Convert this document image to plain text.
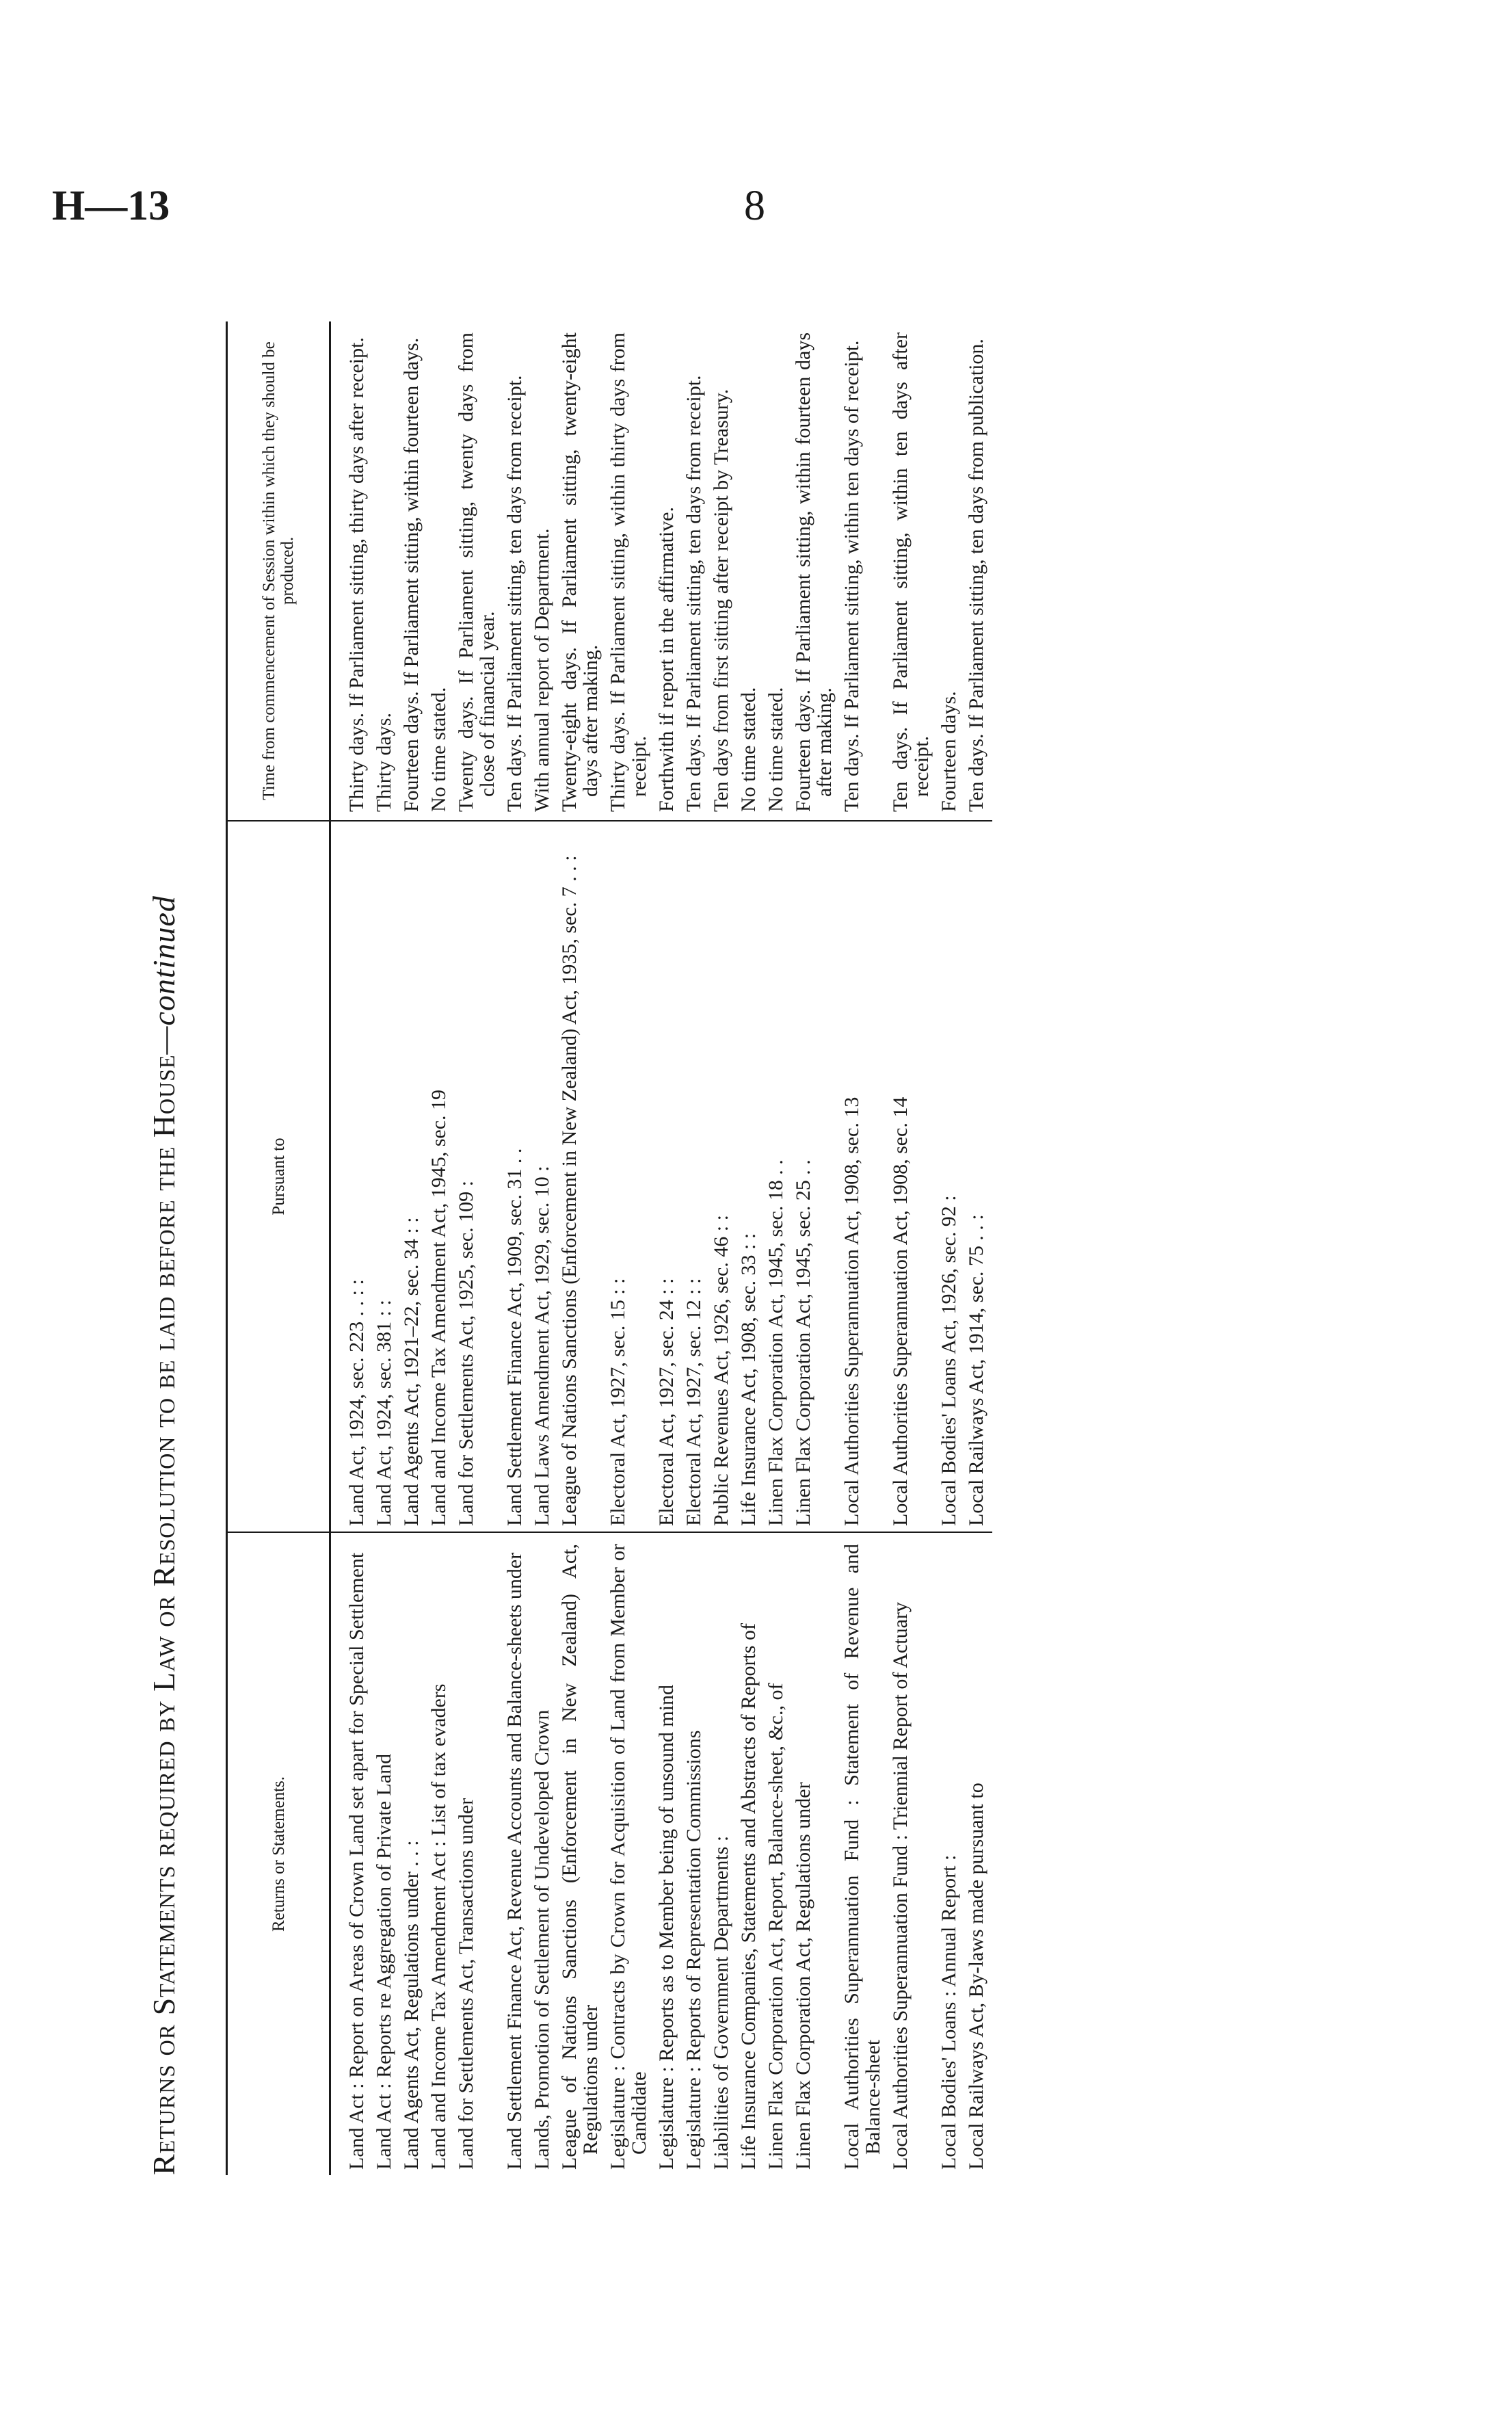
H—13	8
Returns or Statements required by Law or Resolution to be laid before the House—continued
Returns or Statements.	Pursuant to	Time from commencement of Session within which they should be produced.
Land Act : Report on Areas of Crown Land set apart for Special Settlement	Land Act, 1924, sec. 223 . . : :	Thirty days. If Parliament sitting, thirty days after receipt.
Land Act : Reports re Aggregation of Private Land	Land Act, 1924, sec. 381 : :	Thirty days.
Land Agents Act, Regulations under . . :	Land Agents Act, 1921–22, sec. 34 : :	Fourteen days. If Parliament sitting, within fourteen days.
Land and Income Tax Amendment Act : List of tax evaders	Land and Income Tax Amendment Act, 1945, sec. 19	No time stated.
Land for Settlements Act, Transactions under	Land for Settlements Act, 1925, sec. 109 :	Twenty days. If Parliament sitting, twenty days from close of financial year.
Land Settlement Finance Act, Revenue Accounts and Balance-sheets under	Land Settlement Finance Act, 1909, sec. 31 . .	Ten days. If Parliament sitting, ten days from receipt.
Lands, Promotion of Settlement of Undeveloped Crown	Land Laws Amendment Act, 1929, sec. 10 :	With annual report of Department.
League of Nations Sanctions (Enforcement in New Zealand) Act, Regulations under	League of Nations Sanctions (Enforcement in New Zealand) Act, 1935, sec. 7 . . :	Twenty-eight days. If Parliament sitting, twenty-eight days after making.
Legislature : Contracts by Crown for Acquisition of Land from Member or Candidate	Electoral Act, 1927, sec. 15 : :	Thirty days. If Parliament sitting, within thirty days from receipt.
Legislature : Reports as to Member being of unsound mind	Electoral Act, 1927, sec. 24 : :	Forthwith if report in the affirmative.
Legislature : Reports of Representation Commissions	Electoral Act, 1927, sec. 12 : :	Ten days. If Parliament sitting, ten days from receipt.
Liabilities of Government Departments :	Public Revenues Act, 1926, sec. 46 : :	Ten days from first sitting after receipt by Treasury.
Life Insurance Companies, Statements and Abstracts of Reports of	Life Insurance Act, 1908, sec. 33 : :	No time stated.
Linen Flax Corporation Act, Report, Balance-sheet, &c., of	Linen Flax Corporation Act, 1945, sec. 18 . .	No time stated.
Linen Flax Corporation Act, Regulations under	Linen Flax Corporation Act, 1945, sec. 25 . .	Fourteen days. If Parliament sitting, within fourteen days after making.
Local Authorities Superannuation Fund : Statement of Revenue and Balance-sheet	Local Authorities Superannuation Act, 1908, sec. 13	Ten days. If Parliament sitting, within ten days of receipt.
Local Authorities Superannuation Fund : Triennial Report of Actuary	Local Authorities Superannuation Act, 1908, sec. 14	Ten days. If Parliament sitting, within ten days after receipt.
Local Bodies' Loans : Annual Report :	Local Bodies' Loans Act, 1926, sec. 92 :	Fourteen days.
Local Railways Act, By-laws made pursuant to	Local Railways Act, 1914, sec. 75 . . :	Ten days. If Parliament sitting, ten days from publication.
